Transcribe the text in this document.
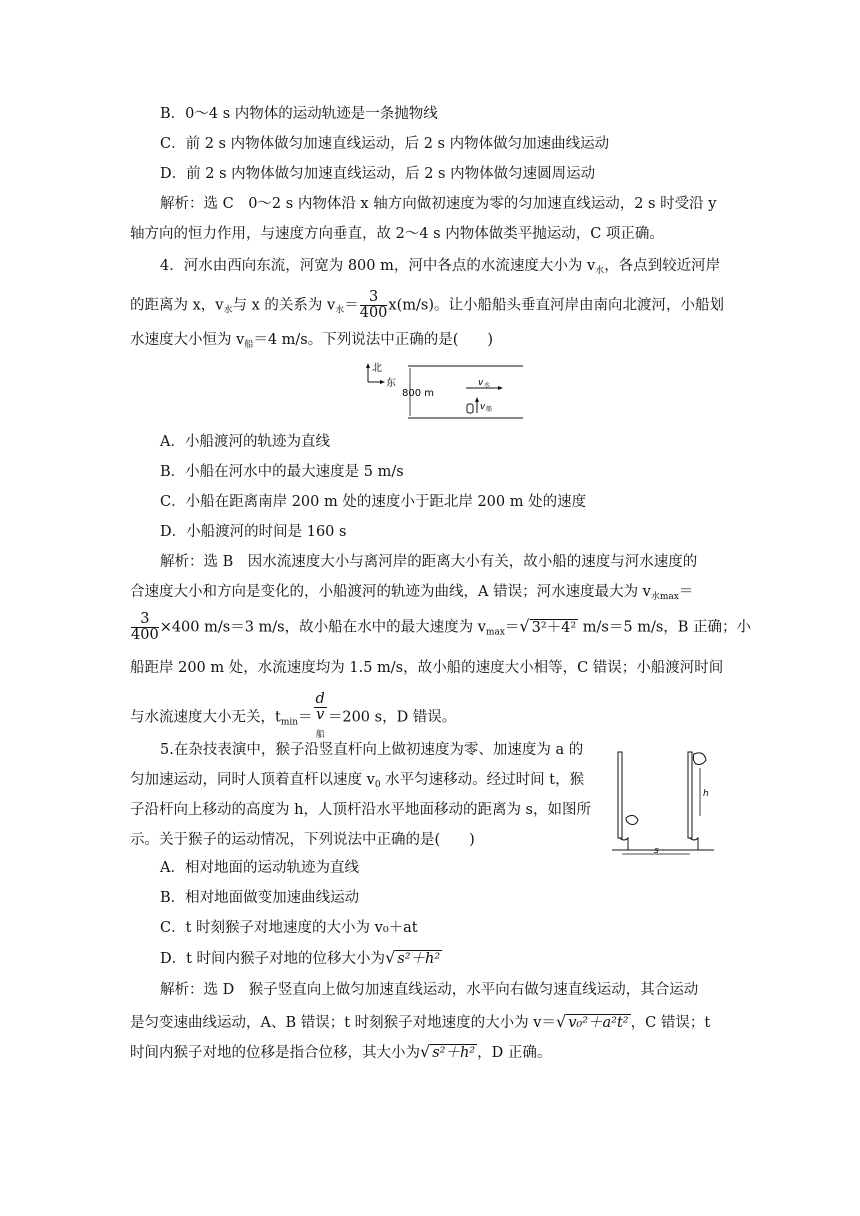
B．0～4 s 内物体的运动轨迹是一条抛物线
C．前 2 s 内物体做匀加速直线运动，后 2 s 内物体做匀加速曲线运动
D．前 2 s 内物体做匀加速直线运动，后 2 s 内物体做匀速圆周运动
解析：选 C　0～2 s 内物体沿 x 轴方向做初速度为零的匀加速直线运动，2 s 时受沿 y
轴方向的恒力作用，与速度方向垂直，故 2～4 s 内物体做类平抛运动，C 项正确。
4．河水由西向东流，河宽为 800 m，河中各点的水流速度大小为 $v_水$，各点到较近河岸
的距离为 x，$v_水$与 x 的关系为 $v_水= \frac{3}{400} x(m/s)$。让小船船头垂直河岸由南向北渡河，小船划
水速度大小恒为 $v_船=4$ m/s。下列说法中正确的是(　　)
北
东
800 m
v 水
v 船
A．小船渡河的轨迹为直线
B．小船在河水中的最大速度是 5 m/s
C．小船在距离南岸 200 m 处的速度小于距北岸 200 m 处的速度
D．小船渡河的时间是 160 s
解析：选 B　因水流速度大小与离河岸的距离大小有关，故小船的速度与河水速度的
合速度大小和方向是变化的，小船渡河的轨迹为曲线，A 错误；河水速度最大为 $v_{水max}=$
$\frac{3}{400} \times 400$ m/s＝3 m/s，故小船在水中的最大速度为 $v_{max}=√$ 3²＋4² m/s＝5 m/s，B 正确；小
船距岸 200 m 处，水流速度均为 1.5 m/s，故小船的速度大小相等，C 错误；小船渡河时间
与水流速度大小无关，$t_{min}= d$
v
$_船$ ＝200 s，D 错误。
5.在杂技表演中，猴子沿竖直杆向上做初速度为零、加速度为 a 的
匀加速运动，同时人顶着直杆以速度 $v_0$ 水平匀速移动。经过时间 t，猴
子沿杆向上移动的高度为 h，人顶杆沿水平地面移动的距离为 s，如图所
示。关于猴子的运动情况，下列说法中正确的是(　　)
h
s
A．相对地面的运动轨迹为直线
B．相对地面做变加速曲线运动
C．t 时刻猴子对地速度的大小为 v₀＋at
D．t 时间内猴子对地的位移大小为√ s²＋h²
解析：选 D　猴子竖直向上做匀加速直线运动，水平向右做匀速直线运动，其合运动
是匀变速曲线运动，A、B 错误；t 时刻猴子对地速度的大小为 v＝√ v₀²＋a²t² ，C 错误；t
时间内猴子对地的位移是指合位移，其大小为√ s²＋h² ，D 正确。
